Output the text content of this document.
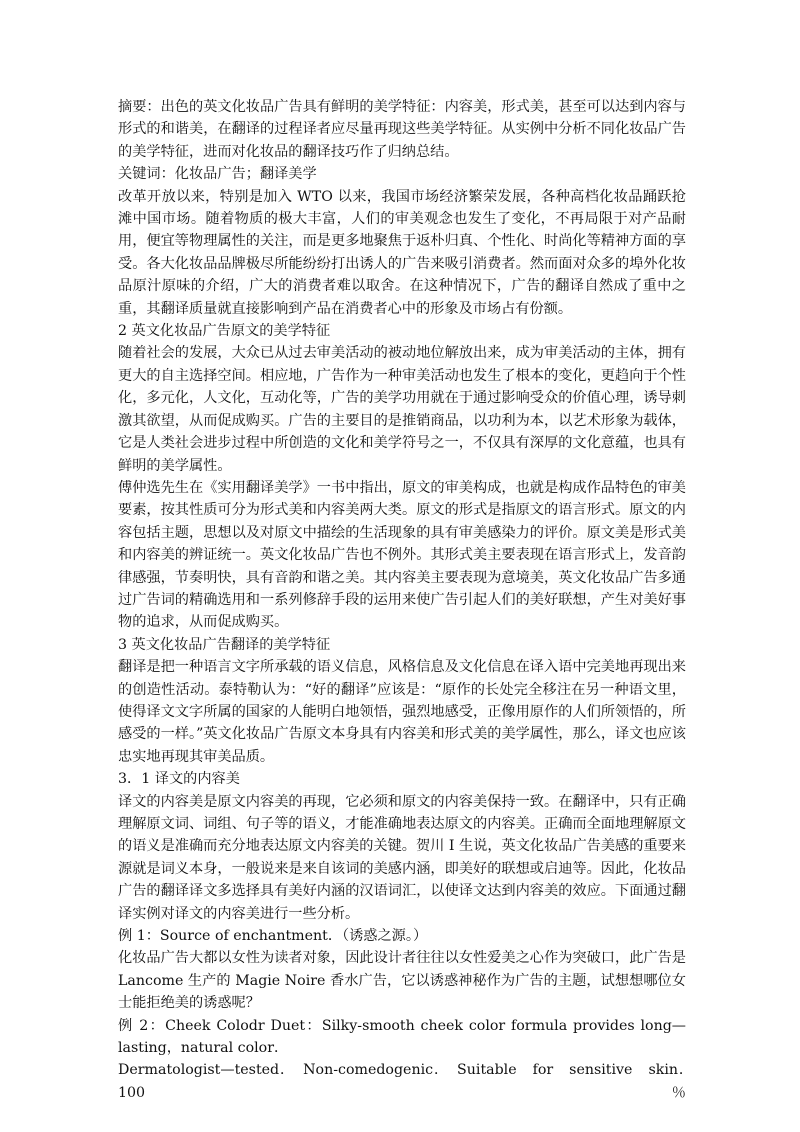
摘要：出色的英文化妆品广告具有鲜明的美学特征：内容美，形式美，甚至可以达到内容与形式的和谐美，在翻译的过程译者应尽量再现这些美学特征。从实例中分析不同化妆品广告的美学特征，进而对化妆品的翻译技巧作了归纳总结。

关键词：化妆品广告；翻译美学

改革开放以来，特别是加入 WTO 以来，我国市场经济繁荣发展，各种高档化妆品踊跃抢滩中国市场。随着物质的极大丰富，人们的审美观念也发生了变化，不再局限于对产品耐用，便宜等物理属性的关注，而是更多地聚焦于返朴归真、个性化、时尚化等精神方面的享受。各大化妆品品牌极尽所能纷纷打出诱人的广告来吸引消费者。然而面对众多的埠外化妆品原汁原味的介绍，广大的消费者难以取舍。在这种情况下，广告的翻译自然成了重中之重，其翻译质量就直接影响到产品在消费者心中的形象及市场占有份额。

2 英文化妆品广告原文的美学特征

随着社会的发展，大众已从过去审美活动的被动地位解放出来，成为审美活动的主体，拥有更大的自主选择空间。相应地，广告作为一种审美活动也发生了根本的变化，更趋向于个性化，多元化，人文化，互动化等，广告的美学功用就在于通过影响受众的价值心理，诱导刺激其欲望，从而促成购买。广告的主要目的是推销商品，以功利为本，以艺术形象为载体，它是人类社会进步过程中所创造的文化和美学符号之一，不仅具有深厚的文化意蕴，也具有鲜明的美学属性。

傅仲选先生在《实用翻译美学》一书中指出，原文的审美构成，也就是构成作品特色的审美要素，按其性质可分为形式美和内容美两大类。原文的形式是指原文的语言形式。原文的内容包括主题，思想以及对原文中描绘的生活现象的具有审美感染力的评价。原文美是形式美和内容美的辨证统一。英文化妆品广告也不例外。其形式美主要表现在语言形式上，发音韵律感强，节奏明快，具有音韵和谐之美。其内容美主要表现为意境美，英文化妆品广告多通过广告词的精确选用和一系列修辞手段的运用来使广告引起人们的美好联想，产生对美好事物的追求，从而促成购买。

3 英文化妆品广告翻译的美学特征

翻译是把一种语言文字所承载的语义信息，风格信息及文化信息在译入语中完美地再现出来的创造性活动。泰特勒认为：“好的翻译”应该是：“原作的长处完全移注在另一种语文里，使得译文文字所属的国家的人能明白地领悟，强烈地感受，正像用原作的人们所领悟的，所感受的一样。”英文化妆品广告原文本身具有内容美和形式美的美学属性，那么，译文也应该忠实地再现其审美品质。

3．1 译文的内容美

译文的内容美是原文内容美的再现，它必须和原文的内容美保持一致。在翻译中，只有正确理解原文词、词组、句子等的语义，才能准确地表达原文的内容美。正确而全面地理解原文的语义是准确而充分地表达原文内容美的关键。贺川 I 生说，英文化妆品广告美感的重要来源就是词义本身，一般说来是来自该词的美感内涵，即美好的联想或启迪等。因此，化妆品广告的翻译译文多选择具有美好内涵的汉语词汇，以使译文达到内容美的效应。下面通过翻译实例对译文的内容美进行一些分析。

例 1：Source of enchantment．（诱惑之源。）

化妆品广告大都以女性为读者对象，因此设计者往往以女性爱美之心作为突破口，此广告是 Lancome 生产的 Magie Noire 香水广告，它以诱惑神秘作为广告的主题，试想想哪位女士能拒绝美的诱惑呢？

例 2：Cheek Colodr Duet：Silky-smooth cheek color formula provides long—lasting，natural color．

Dermatologist—tested．　Non-comedogenic．　Suitable　for　sensitive　skin．　100％
